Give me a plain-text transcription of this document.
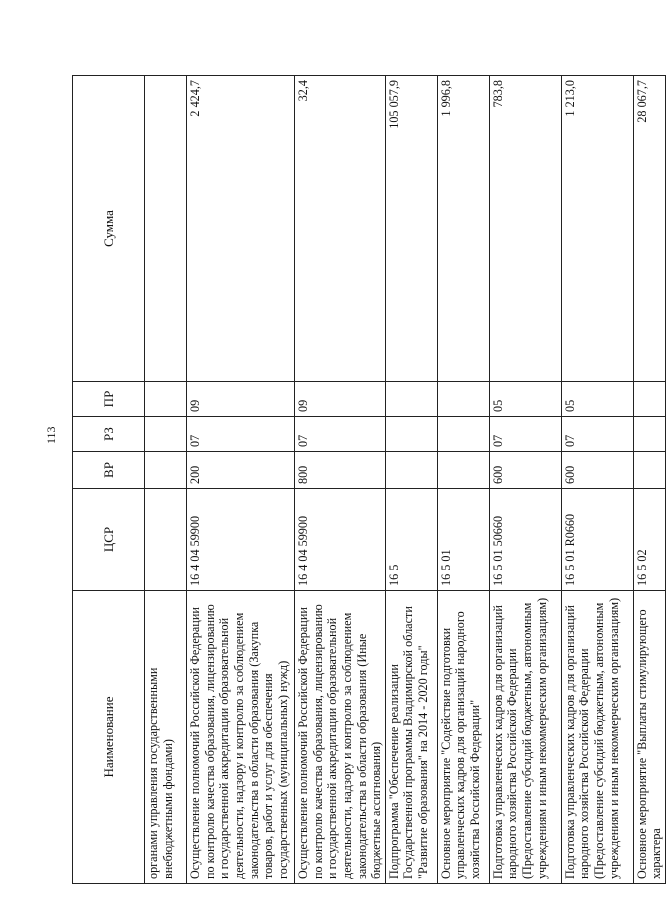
113
Наименование	ЦСР	ВР	РЗ	ПР	Сумма
органами управления государственными внебюджетными фондами)					
Осуществление полномочий Российской Федерации по контролю качества образования, лицензированию и государственной аккредитации образовательной деятельности, надзору и контролю за соблюдением законодательства в области образования (Закупка товаров, работ и услуг для обеспечения государственных (муниципальных) нужд)	16 4 04 59900	200	07	09	2 424,7
Осуществление полномочий Российской Федерации по контролю качества образования, лицензированию и государственной аккредитации образовательной деятельности, надзору и контролю за соблюдением законодательства в области образования (Иные бюджетные ассигнования)	16 4 04 59900	800	07	09	32,4
Подпрограмма "Обеспечение реализации Государственной программы Владимирской области "Развитие образования" на 2014 - 2020 годы"	16 5				105 057,9
Основное мероприятие "Содействие подготовки управленческих кадров для организаций народного хозяйства Российской Федерации"	16 5 01				1 996,8
Подготовка управленческих кадров для организаций народного хозяйства Российской Федерации (Предоставление субсидий бюджетным, автономным учреждениям и иным некоммерческим организациям)	16 5 01 50660	600	07	05	783,8
Подготовка управленческих кадров для организаций народного хозяйства Российской Федерации (Предоставление субсидий бюджетным, автономным учреждениям и иным некоммерческим организациям)	16 5 01 R0660	600	07	05	1 213,0
Основное мероприятие "Выплаты стимулирующего характера	16 5 02				28 067,7
